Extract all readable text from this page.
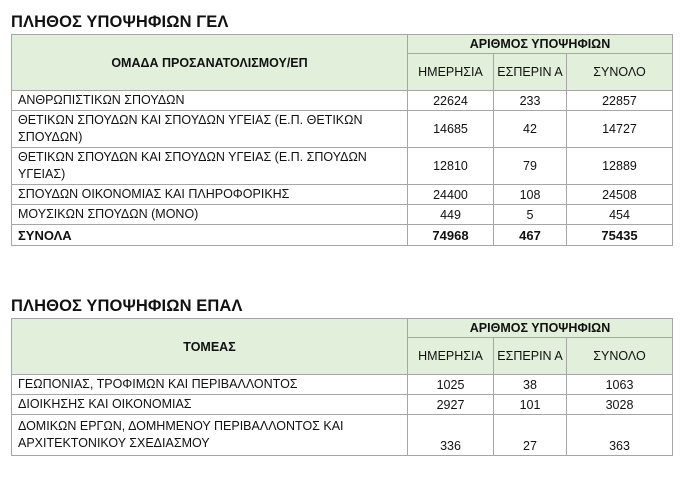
ΠΛΗΘΟΣ ΥΠΟΨΗΦΙΩΝ ΓΕΛ
ΟΜΑΔΑ ΠΡΟΣΑΝΑΤΟΛΙΣΜΟΥ/ΕΠ	ΑΡΙΘΜΟΣ ΥΠΟΨΗΦΙΩΝ		
	ΗΜΕΡΗΣΙΑ	ΕΣΠΕΡΙΝ Α	ΣΥΝΟΛΟ
ΑΝΘΡΩΠΙΣΤΙΚΩΝ ΣΠΟΥΔΩΝ	22624	233	22857
ΘΕΤΙΚΩΝ ΣΠΟΥΔΩΝ ΚΑΙ ΣΠΟΥΔΩΝ ΥΓΕΙΑΣ (Ε.Π. ΘΕΤΙΚΩΝ ΣΠΟΥΔΩΝ)	14685	42	14727
ΘΕΤΙΚΩΝ ΣΠΟΥΔΩΝ ΚΑΙ ΣΠΟΥΔΩΝ ΥΓΕΙΑΣ (Ε.Π. ΣΠΟΥΔΩΝ ΥΓΕΙΑΣ)	12810	79	12889
ΣΠΟΥΔΩΝ ΟΙΚΟΝΟΜΙΑΣ ΚΑΙ ΠΛΗΡΟΦΟΡΙΚΗΣ	24400	108	24508
ΜΟΥΣΙΚΩΝ ΣΠΟΥΔΩΝ (ΜΟΝΟ)	449	5	454
ΣΥΝΟΛΑ	74968	467	75435
ΠΛΗΘΟΣ ΥΠΟΨΗΦΙΩΝ ΕΠΑΛ
ΤΟΜΕΑΣ	ΑΡΙΘΜΟΣ ΥΠΟΨΗΦΙΩΝ		
	ΗΜΕΡΗΣΙΑ	ΕΣΠΕΡΙΝ Α	ΣΥΝΟΛΟ
ΓΕΩΠΟΝΙΑΣ, ΤΡΟΦΙΜΩΝ ΚΑΙ ΠΕΡΙΒΑΛΛΟΝΤΟΣ	1025	38	1063
ΔΙΟΙΚΗΣΗΣ ΚΑΙ ΟΙΚΟΝΟΜΙΑΣ	2927	101	3028
ΔΟΜΙΚΩΝ ΕΡΓΩΝ, ΔΟΜΗΜΕΝΟΥ ΠΕΡΙΒΑΛΛΟΝΤΟΣ ΚΑΙ ΑΡΧΙΤΕΚΤΟΝΙΚΟΥ ΣΧΕΔΙΑΣΜΟΥ	336	27	363
